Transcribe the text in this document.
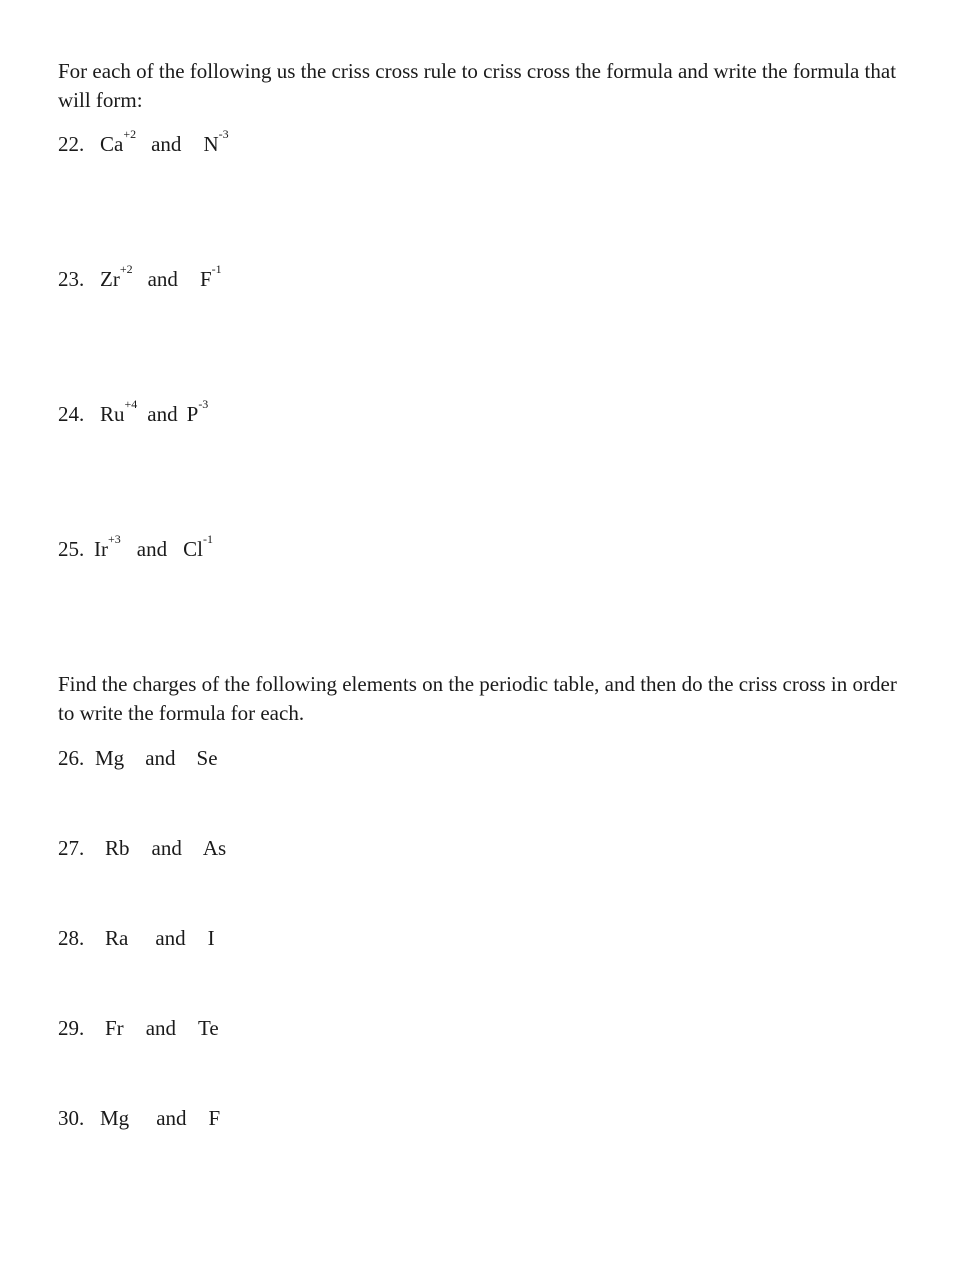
For each of the following us the criss cross rule to criss cross the formula and write the formula that will form:

22. $Ca^{+2}$ and $N^{-3}$
23. $Zr^{+2}$ and $F^{-1}$
24. $Ru^{+4}$ and $P^{-3}$
25. $Ir^{+3}$ and $Cl^{-1}$

Find the charges of the following elements on the periodic table, and then do the criss cross in order to write the formula for each.

26. Mg and Se
27. Rb and As
28. Ra and I
29. Fr and Te
30. Mg and F
